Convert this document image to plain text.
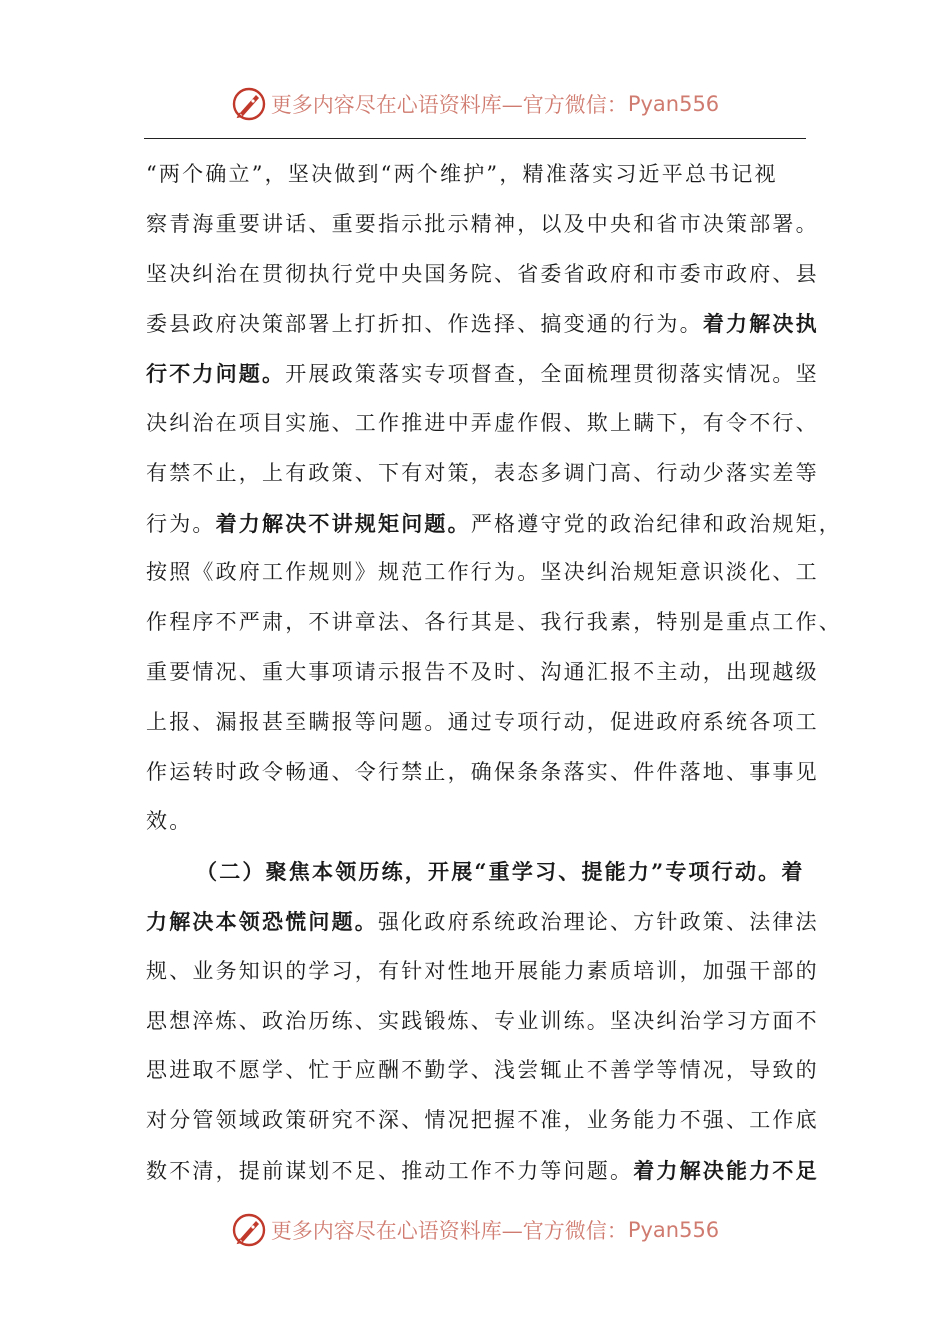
更多内容尽在心语资料库—官方微信： Pyan556
“两个确立”，坚决做到“两个维护”，精准落实习近平总书记视
察青海重要讲话、重要指示批示精神，以及中央和省市决策部署。
坚决纠治在贯彻执行党中央国务院、省委省政府和市委市政府、县
委县政府决策部署上打折扣、作选择、搞变通的行为。着力解决执
行不力问题。开展政策落实专项督查，全面梳理贯彻落实情况。坚
决纠治在项目实施、工作推进中弄虚作假、欺上瞒下，有令不行、
有禁不止，上有政策、下有对策，表态多调门高、行动少落实差等
行为。着力解决不讲规矩问题。严格遵守党的政治纪律和政治规矩，
按照《政府工作规则》规范工作行为。坚决纠治规矩意识淡化、工
作程序不严肃，不讲章法、各行其是、我行我素，特别是重点工作、
重要情况、重大事项请示报告不及时、沟通汇报不主动，出现越级
上报、漏报甚至瞒报等问题。通过专项行动，促进政府系统各项工
作运转时政令畅通、令行禁止，确保条条落实、件件落地、事事见
效。
（二）聚焦本领历练，开展“重学习、提能力”专项行动。着
力解决本领恐慌问题。强化政府系统政治理论、方针政策、法律法
规、业务知识的学习，有针对性地开展能力素质培训，加强干部的
思想淬炼、政治历练、实践锻炼、专业训练。坚决纠治学习方面不
思进取不愿学、忙于应酬不勤学、浅尝辄止不善学等情况，导致的
对分管领域政策研究不深、情况把握不准，业务能力不强、工作底
数不清，提前谋划不足、推动工作不力等问题。着力解决能力不足
更多内容尽在心语资料库—官方微信： Pyan556
